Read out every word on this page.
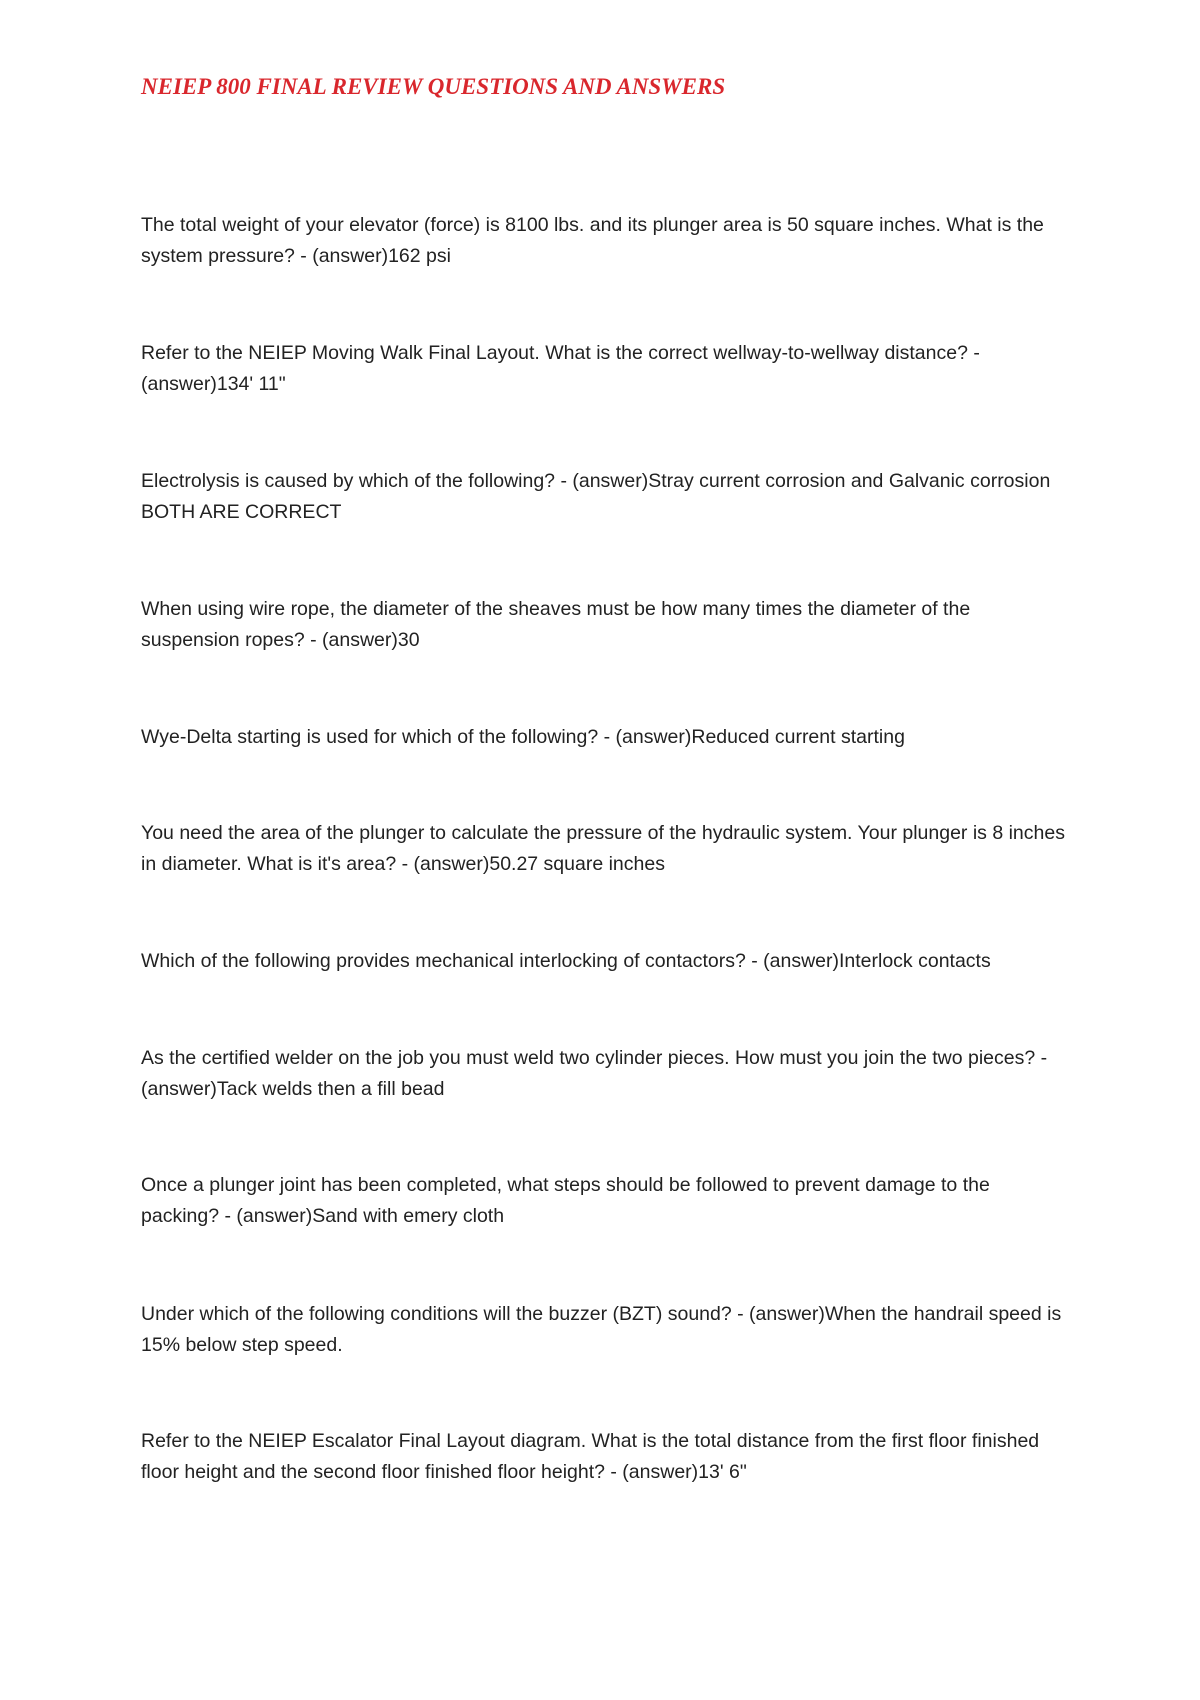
NEIEP 800 FINAL REVIEW QUESTIONS AND ANSWERS

The total weight of your elevator (force) is 8100 lbs. and its plunger area is 50 square inches. What is the system pressure? - (answer)162 psi

Refer to the NEIEP Moving Walk Final Layout. What is the correct wellway-to-wellway distance? - (answer)134' 11"

Electrolysis is caused by which of the following? - (answer)Stray current corrosion and Galvanic corrosion BOTH ARE CORRECT

When using wire rope, the diameter of the sheaves must be how many times the diameter of the suspension ropes? - (answer)30

Wye-Delta starting is used for which of the following? - (answer)Reduced current starting

You need the area of the plunger to calculate the pressure of the hydraulic system. Your plunger is 8 inches in diameter. What is it's area? - (answer)50.27 square inches

Which of the following provides mechanical interlocking of contactors? - (answer)Interlock contacts

As the certified welder on the job you must weld two cylinder pieces. How must you join the two pieces? - (answer)Tack welds then a fill bead

Once a plunger joint has been completed, what steps should be followed to prevent damage to the packing? - (answer)Sand with emery cloth

Under which of the following conditions will the buzzer (BZT) sound? - (answer)When the handrail speed is 15% below step speed.

Refer to the NEIEP Escalator Final Layout diagram. What is the total distance from the first floor finished floor height and the second floor finished floor height? - (answer)13' 6"
